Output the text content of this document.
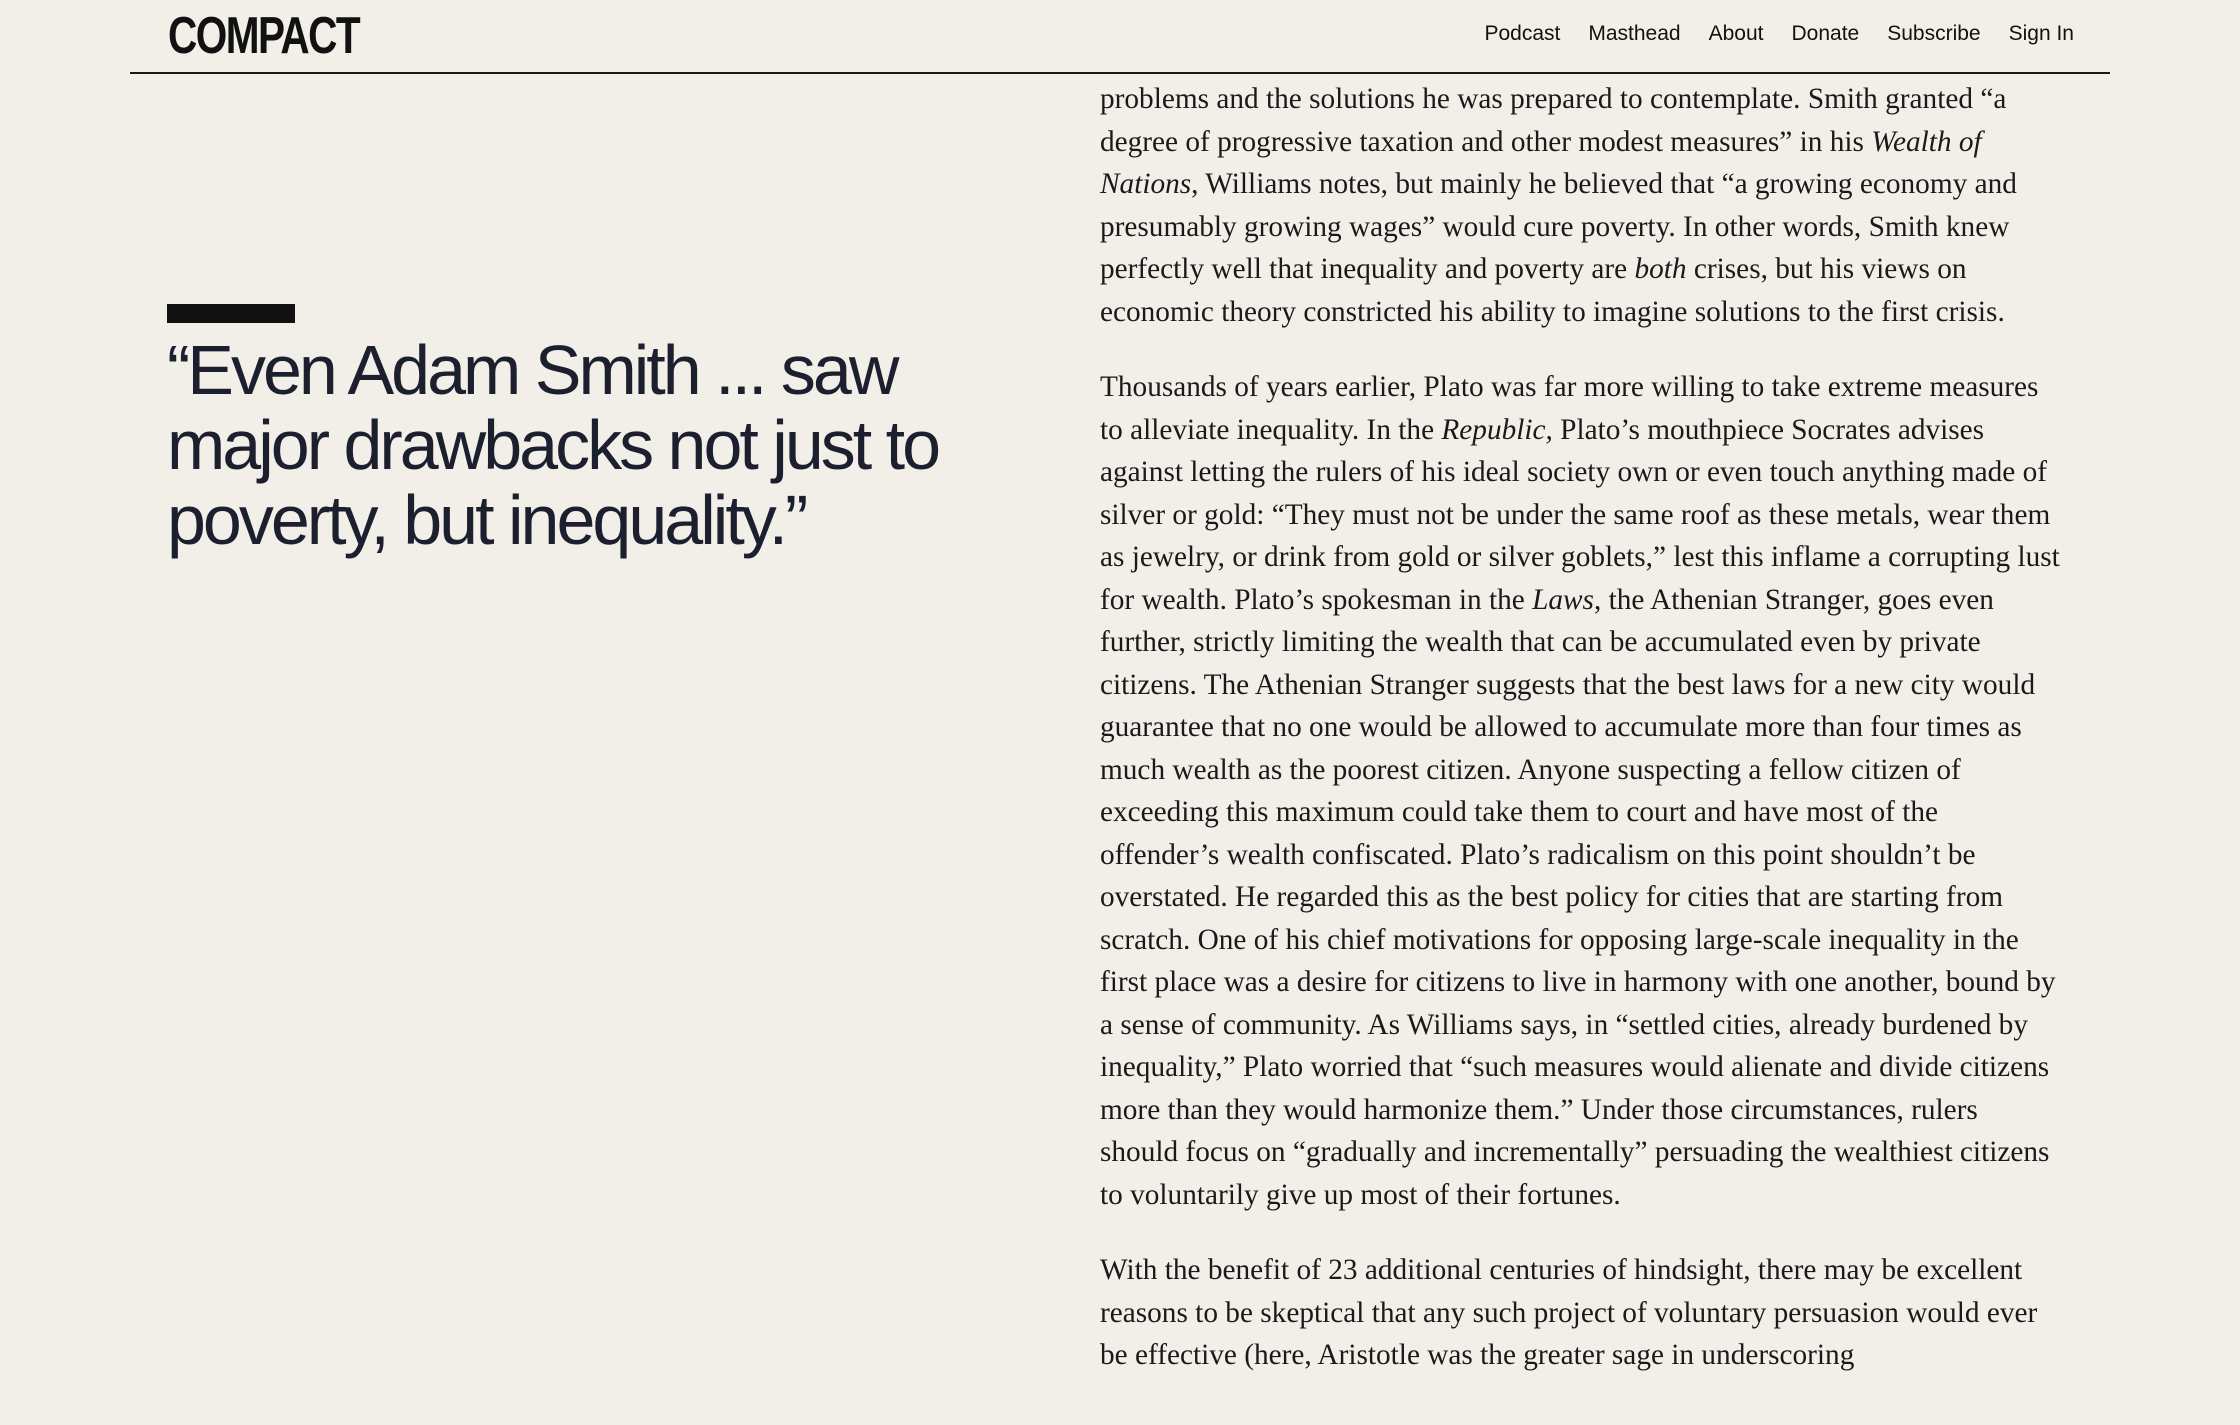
COMPACT	Podcast Masthead About Donate Subscribe Sign In
“Even Adam Smith ... saw major drawbacks not just to poverty, but inequality.”

problems and the solutions he was prepared to contemplate. Smith granted “a degree of progressive taxation and other modest measures” in his Wealth of Nations, Williams notes, but mainly he believed that “a growing economy and presumably growing wages” would cure poverty. In other words, Smith knew perfectly well that inequality and poverty are both crises, but his views on economic theory constricted his ability to imagine solutions to the first crisis.

Thousands of years earlier, Plato was far more willing to take extreme measures to alleviate inequality. In the Republic, Plato’s mouthpiece Socrates advises against letting the rulers of his ideal society own or even touch anything made of silver or gold: “They must not be under the same roof as these metals, wear them as jewelry, or drink from gold or silver goblets,” lest this inflame a corrupting lust for wealth. Plato’s spokesman in the Laws, the Athenian Stranger, goes even further, strictly limiting the wealth that can be accumulated even by private citizens. The Athenian Stranger suggests that the best laws for a new city would guarantee that no one would be allowed to accumulate more than four times as much wealth as the poorest citizen. Anyone suspecting a fellow citizen of exceeding this maximum could take them to court and have most of the offender’s wealth confiscated. Plato’s radicalism on this point shouldn’t be overstated. He regarded this as the best policy for cities that are starting from scratch. One of his chief motivations for opposing large-scale inequality in the first place was a desire for citizens to live in harmony with one another, bound by a sense of community. As Williams says, in “settled cities, already burdened by inequality,” Plato worried that “such measures would alienate and divide citizens more than they would harmonize them.” Under those circumstances, rulers should focus on “gradually and incrementally” persuading the wealthiest citizens to voluntarily give up most of their fortunes.

With the benefit of 23 additional centuries of hindsight, there may be excellent reasons to be skeptical that any such project of voluntary persuasion would ever be effective (here, Aristotle was the greater sage in underscoring
